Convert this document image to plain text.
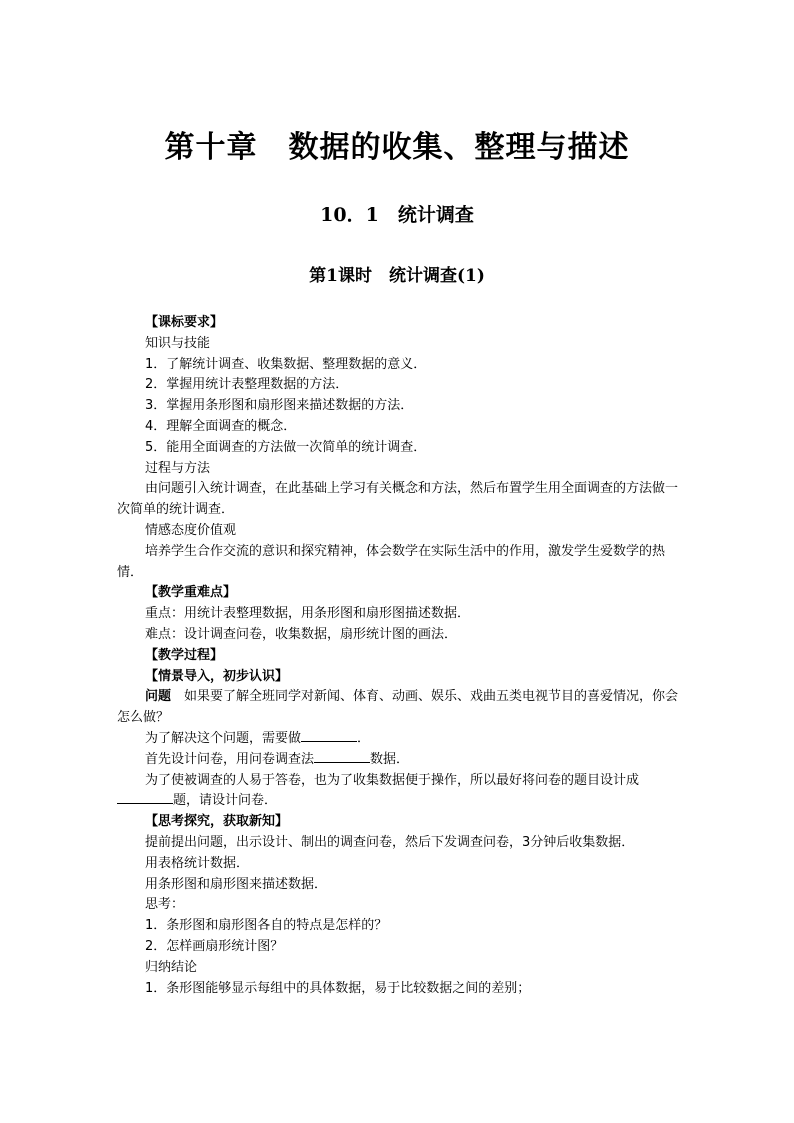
第十章　数据的收集、整理与描述
10．1　统计调查
第1课时　统计调查(1)

【课标要求】

知识与技能

1．了解统计调查、收集数据、整理数据的意义．

2．掌握用统计表整理数据的方法．

3．掌握用条形图和扇形图来描述数据的方法．

4．理解全面调查的概念．

5．能用全面调查的方法做一次简单的统计调查．

过程与方法

由问题引入统计调查，在此基础上学习有关概念和方法，然后布置学生用全面调查的方法做一次简单的统计调查．

情感态度价值观

培养学生合作交流的意识和探究精神，体会数学在实际生活中的作用，激发学生爱数学的热情．

【教学重难点】

重点：用统计表整理数据，用条形图和扇形图描述数据．

难点：设计调查问卷，收集数据，扇形统计图的画法．

【教学过程】

【情景导入，初步认识】

问题　如果要了解全班同学对新闻、体育、动画、娱乐、戏曲五类电视节目的喜爱情况，你会怎么做？

为了解决这个问题，需要做	．

首先设计问卷，用问卷调查法	数据．

为了使被调查的人易于答卷，也为了收集数据便于操作，所以最好将问卷的题目设计成题，请设计问卷．

【思考探究，获取新知】

提前提出问题，出示设计、制出的调查问卷，然后下发调查问卷，3分钟后收集数据．

用表格统计数据．

用条形图和扇形图来描述数据．

思考：

1．条形图和扇形图各自的特点是怎样的？

2．怎样画扇形统计图？

归纳结论

1．条形图能够显示每组中的具体数据，易于比较数据之间的差别；
